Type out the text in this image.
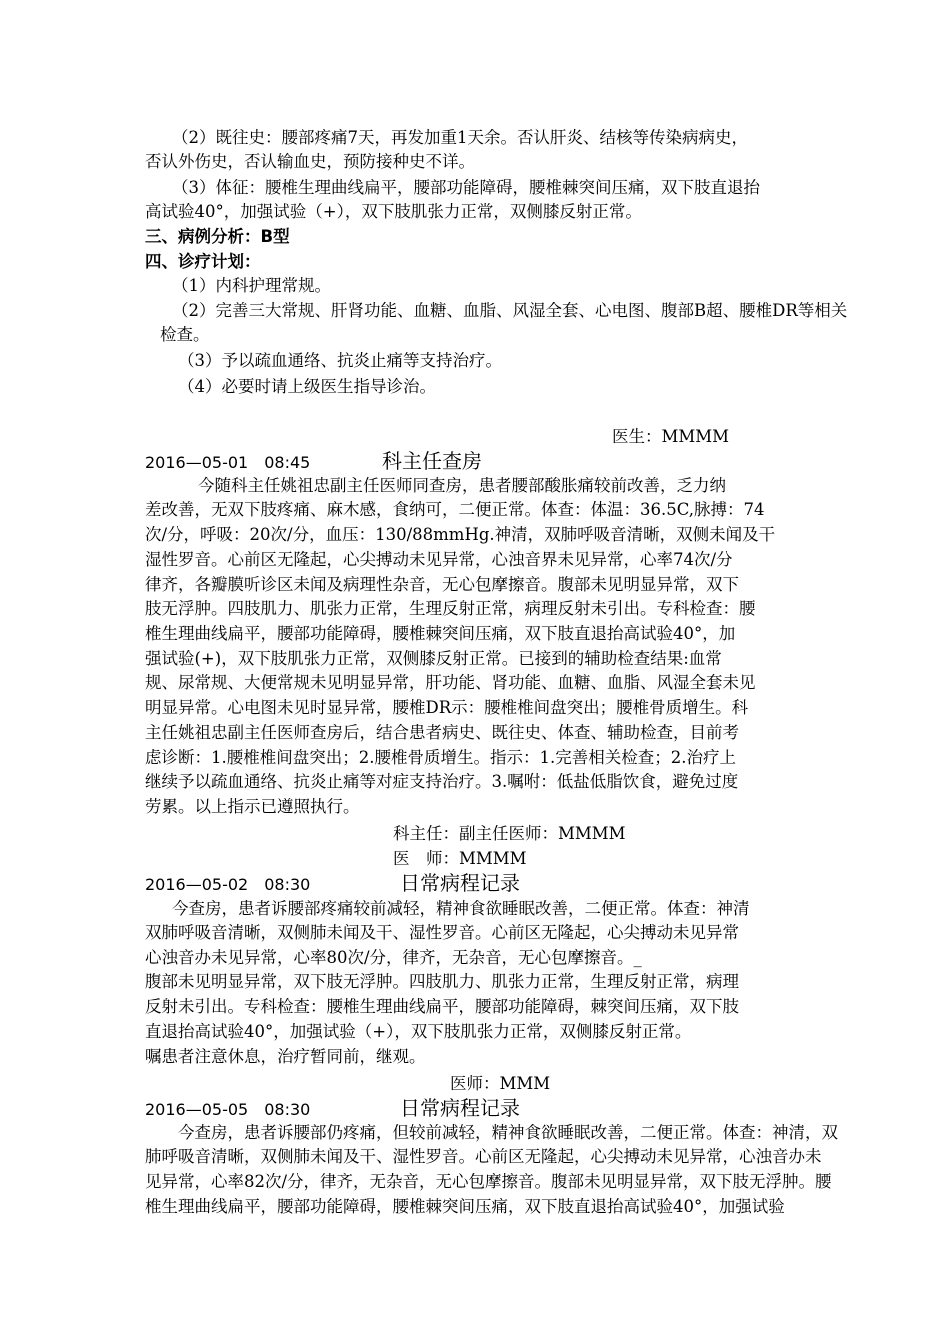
（2）既往史：腰部疼痛7天，再发加重1天余。否认肝炎、结核等传染病病史，
否认外伤史，否认输血史，预防接种史不详。
（3）体征：腰椎生理曲线扁平，腰部功能障碍，腰椎棘突间压痛，双下肢直退抬
高试验40°，加强试验（+），双下肢肌张力正常，双侧膝反射正常。
三、病例分析：B型
四、诊疗计划：
（1）内科护理常规。
（2）完善三大常规、肝肾功能、血糖、血脂、风湿全套、心电图、腹部B超、腰椎DR等相关
检查。
（3）予以疏血通络、抗炎止痛等支持治疗。
（4）必要时请上级医生指导诊治。
医生：MMMM
2016—05-01　08:45	科主任查房
今随科主任姚祖忠副主任医师同查房，患者腰部酸胀痛较前改善，乏力纳
差改善，无双下肢疼痛、麻木感，食纳可，二便正常。体查：体温：36.5C,脉搏：74
次/分，呼吸：20次/分，血压：130/88mmHg.神清，双肺呼吸音清晰，双侧未闻及干
湿性罗音。心前区无隆起，心尖搏动未见异常，心浊音界未见异常，心率74次/分
律齐，各瓣膜听诊区未闻及病理性杂音，无心包摩擦音。腹部未见明显异常，双下
肢无浮肿。四肢肌力、肌张力正常，生理反射正常，病理反射未引出。专科检查：腰
椎生理曲线扁平，腰部功能障碍，腰椎棘突间压痛，双下肢直退抬高试验40°，加
强试验(+)，双下肢肌张力正常，双侧膝反射正常。已接到的辅助检查结果:血常
规、尿常规、大便常规未见明显异常，肝功能、肾功能、血糖、血脂、风湿全套未见
明显异常。心电图未见时显异常，腰椎DR示：腰椎椎间盘突出；腰椎骨质增生。科
主任姚祖忠副主任医师查房后，结合患者病史、既往史、体查、辅助检查，目前考
虑诊断：1.腰椎椎间盘突出；2.腰椎骨质增生。指示：1.完善相关检查；2.治疗上
继续予以疏血通络、抗炎止痛等对症支持治疗。3.嘱咐：低盐低脂饮食，避免过度
劳累。以上指示已遵照执行。
科主任：副主任医师：MMMM
医　师：MMMM
2016—05-02　08:30	日常病程记录
今查房，患者诉腰部疼痛较前减轻，精神食欲睡眠改善，二便正常。体查：神清
双肺呼吸音清晰，双侧肺未闻及干、湿性罗音。心前区无隆起，心尖搏动未见异常
心浊音办未见异常，心率80次/分，律齐，无杂音，无心包摩擦音。_
腹部未见明显异常，双下肢无浮肿。四肢肌力、肌张力正常，生理反射正常，病理
反射未引出。专科检查：腰椎生理曲线扁平，腰部功能障碍，棘突间压痛，双下肢
直退抬高试验40°，加强试验（+），双下肢肌张力正常，双侧膝反射正常。
嘱患者注意休息，治疗暂同前，继观。
医师：MMM
2016—05-05　08:30	日常病程记录
今查房，患者诉腰部仍疼痛，但较前减轻，精神食欲睡眠改善，二便正常。体查：神清，双
肺呼吸音清晰，双侧肺未闻及干、湿性罗音。心前区无隆起，心尖搏动未见异常，心浊音办未
见异常，心率82次/分，律齐，无杂音，无心包摩擦音。腹部未见明显异常，双下肢无浮肿。腰
椎生理曲线扁平，腰部功能障碍，腰椎棘突间压痛，双下肢直退抬高试验40°，加强试验
